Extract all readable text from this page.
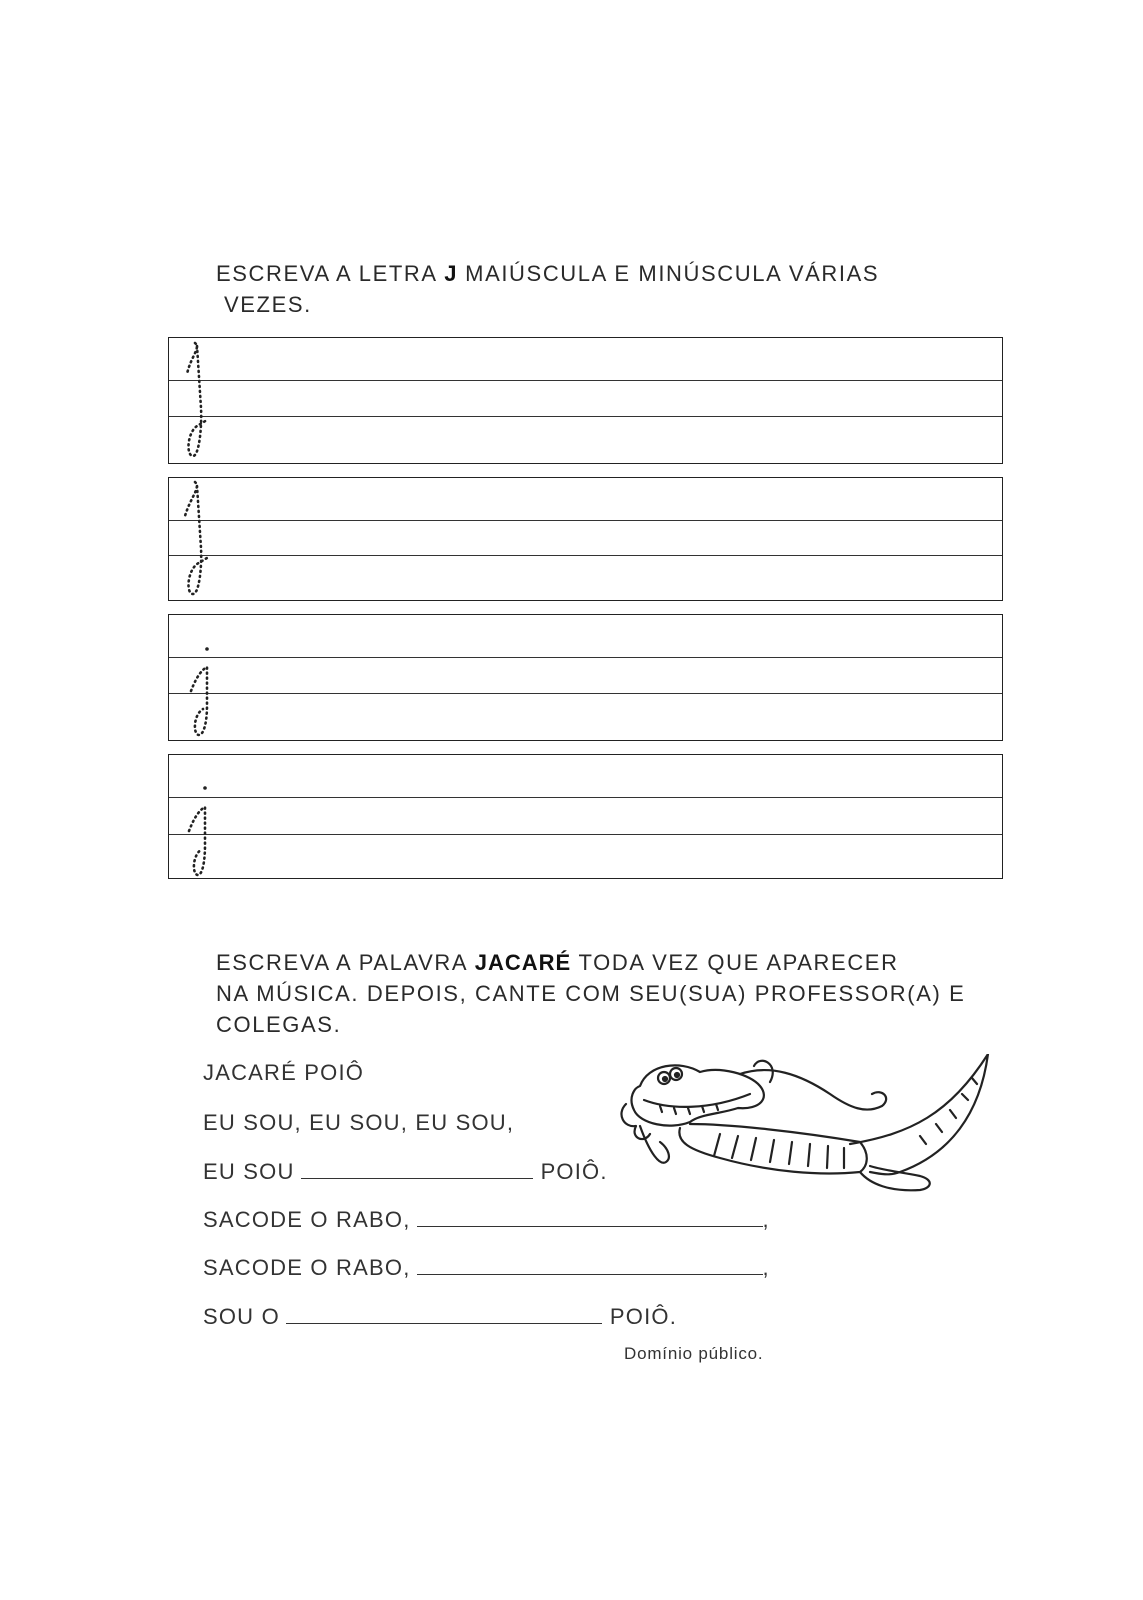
ESCREVA A LETRA J MAIÚSCULA E MINÚSCULA VÁRIAS
VEZES.
ESCREVA A PALAVRA JACARÉ TODA VEZ QUE APARECER
NA MÚSICA. DEPOIS, CANTE COM SEU(SUA) PROFESSOR(A) E
COLEGAS.
JACARÉ POIÔ
EU SOU, EU SOU, EU SOU,
EU SOU	POIÔ.
SACODE O RABO,	,
SACODE O RABO,	,
SOU O	POIÔ.
Domínio público.
